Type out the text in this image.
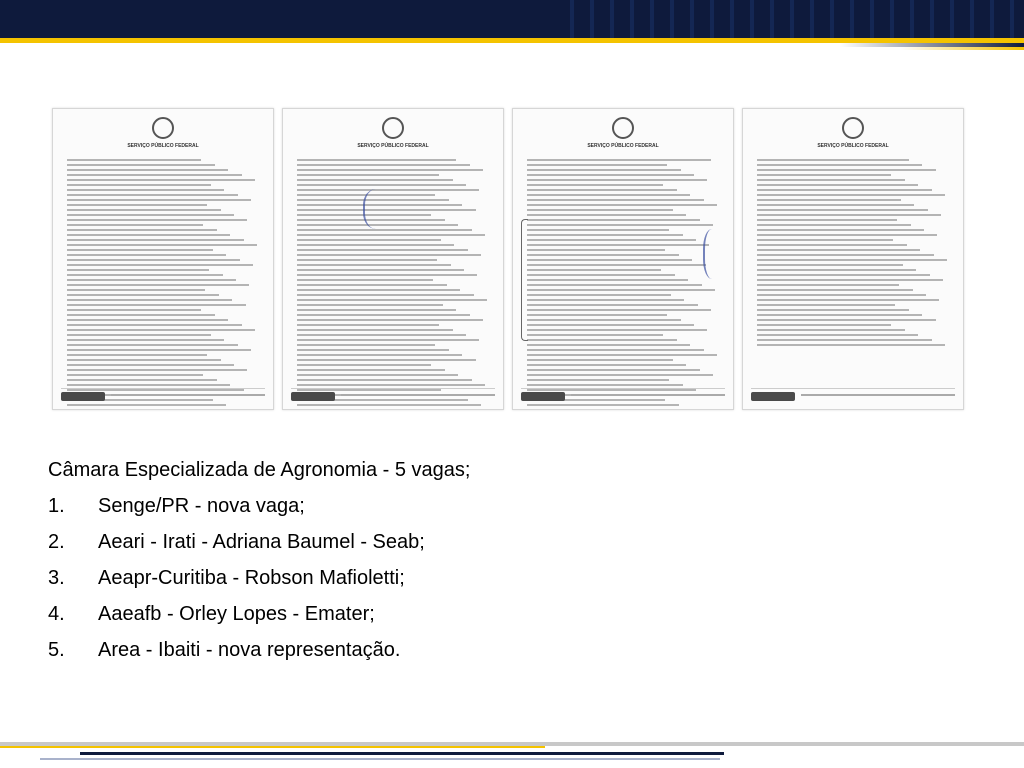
SERVIÇO PÚBLICO FEDERAL	SERVIÇO PÚBLICO FEDERAL	SERVIÇO PÚBLICO FEDERAL	SERVIÇO PÚBLICO FEDERAL

Câmara Especializada de Agronomia - 5 vagas;

1.	Senge/PR - nova vaga;
2.	Aeari - Irati - Adriana Baumel - Seab;
3.	Aeapr-Curitiba - Robson Mafioletti;
4.	Aaeafb - Orley Lopes - Emater;
5.	Area - Ibaiti - nova representação.
